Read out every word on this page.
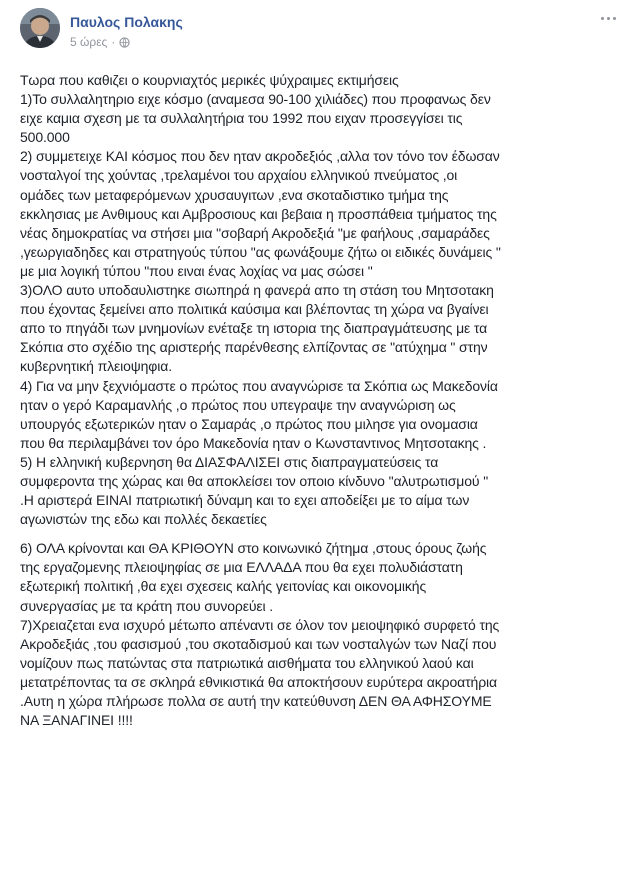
Παυλος Πολακης
5 ώρες ·

Τωρα που καθιζει ο κουρνιαχτός μερικές ψύχραιμες εκτιμήσεις
1)Το συλλαλητηριο ειχε κόσμο (αναμεσα 90-100 χιλιάδες) που προφανως δεν
ειχε καμια σχεση με τα συλλαλητήρια του 1992 που ειχαν προσεγγίσει τις
500.000
2) συμμετειχε ΚΑΙ κόσμος που δεν ηταν ακροδεξιός ,αλλα τον τόνο τον έδωσαν
νοσταλγοί της χούντας ,τρελαμένοι του αρχαίου ελληνικού πνεύματος ,οι
ομάδες των μεταφερόμενων χρυσαυγιτων ,ενα σκοταδιστικο τμήμα της
εκκλησιας με Ανθιμους και Αμβροσιους και βεβαια η προσπάθεια τμήματος της
νέας δημοκρατίας να στήσει μια "σοβαρή Ακροδεξιά "με φαήλους ,σαμαράδες
,γεωργιαδηδες και στρατηγούς τύπου "ας φωνάξουμε ζήτω οι ειδικές δυνάμεις "
με μια λογική τύπου "που ειναι ένας λοχίας να μας σώσει "
3)ΟΛΟ αυτο υποδαυλιστηκε σιωπηρά η φανερά απο τη στάση του Μητσοτακη
που έχοντας ξεμείνει απο πολιτικά καύσιμα και βλέποντας τη χώρα να βγαίνει
απο το πηγάδι των μνημονίων ενέταξε τη ιστορια της διαπραγμάτευσης με τα
Σκόπια στο σχέδιο της αριστερής παρένθεσης ελπίζοντας σε "ατύχημα " στην
κυβερνητική πλειοψηφια.
4) Για να μην ξεχνιόμαστε ο πρώτος που αναγνώρισε τα Σκόπια ως Μακεδονία
ηταν ο γερό Καραμανλής ,ο πρώτος που υπεγραψε την αναγνώριση ως
υπουργός εξωτερικών ηταν ο Σαμαράς ,ο πρώτος που μιλησε για ονομασια
που θα περιλαμβάνει τον όρο Μακεδονία ηταν ο Κωνσταντινος Μητσοτακης .
5) Η ελληνική κυβερνηση θα ΔΙΑΣΦΑΛΙΣΕΙ στις διαπραγματεύσεις τα
συμφεροντα της χώρας και θα αποκλείσει τον οποιο κίνδυνο "αλυτρωτισμού "
.Η αριστερά ΕΙΝΑΙ πατριωτική δύναμη και το εχει αποδείξει με το αίμα των
αγωνιστών της εδω και πολλές δεκαετίες

6) ΟΛΑ κρίνονται και ΘΑ ΚΡΙΘΟΥΝ στο κοινωνικό ζήτημα ,στους όρους ζωής
της εργαζομενης πλειοψηφίας σε μια ΕΛΛΑΔΑ που θα εχει πολυδιάστατη
εξωτερική πολιτική ,θα εχει σχεσεις καλής γειτονίας και οικονομικής
συνεργασίας με τα κράτη που συνορεύει .
7)Χρειαζεται ενα ισχυρό μέτωπο απέναντι σε όλον τον μειοψηφικό συρφετό της
Ακροδεξιάς ,του φασισμού ,του σκοταδισμού και των νοσταλγών των Ναζί που
νομίζουν πως πατώντας στα πατριωτικά αισθήματα του ελληνικού λαού και
μετατρέποντας τα σε σκληρά εθνικιστικά θα αποκτήσουν ευρύτερα ακροατήρια
.Αυτη η χώρα πλήρωσε πολλα σε αυτή την κατεύθυνση ΔΕΝ ΘΑ ΑΦΗΣΟΥΜΕ
ΝΑ ΞΑΝΑΓΙΝΕΙ !!!!
